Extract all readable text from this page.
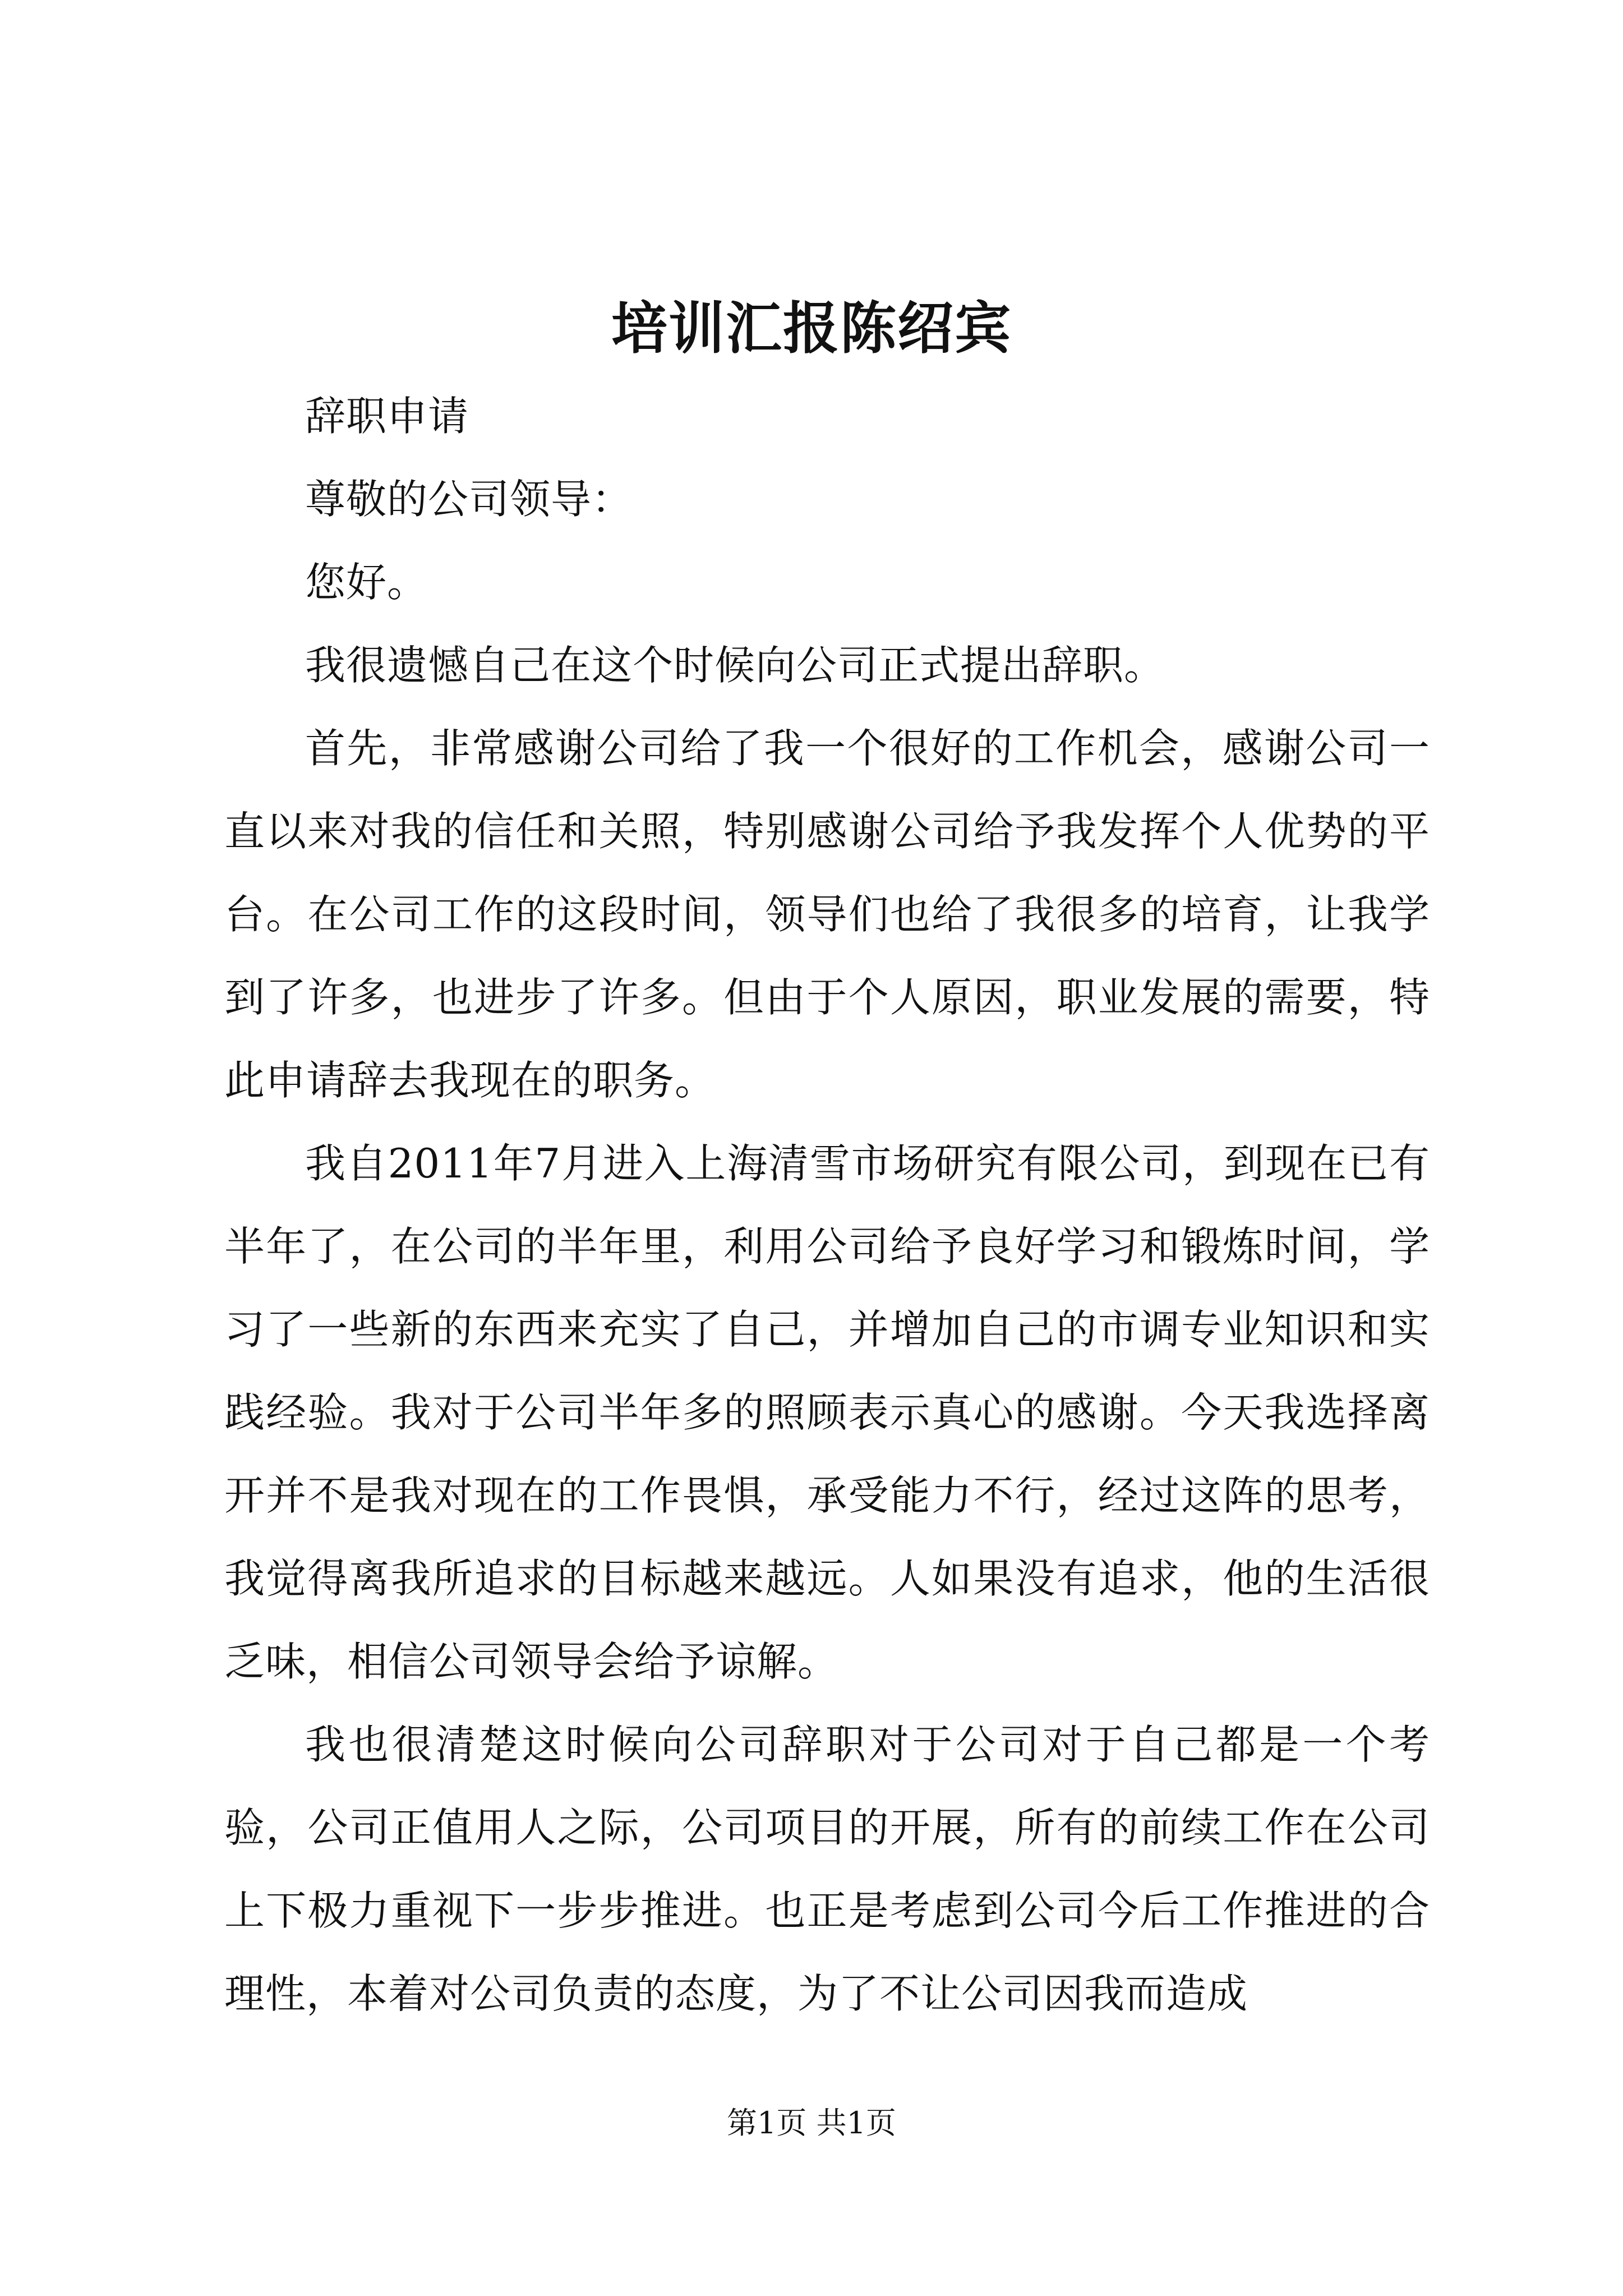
培训汇报陈绍宾

辞职申请

尊敬的公司领导：

您好。

我很遗憾自己在这个时候向公司正式提出辞职。

首先，非常感谢公司给了我一个很好的工作机会，感谢公司一直以来对我的信任和关照，特别感谢公司给予我发挥个人优势的平台。在公司工作的这段时间，领导们也给了我很多的培育，让我学到了许多，也进步了许多。但由于个人原因，职业发展的需要，特此申请辞去我现在的职务。

我自2011年7月进入上海清雪市场研究有限公司，到现在已有半年了，在公司的半年里，利用公司给予良好学习和锻炼时间，学习了一些新的东西来充实了自己，并增加自己的市调专业知识和实践经验。我对于公司半年多的照顾表示真心的感谢。今天我选择离开并不是我对现在的工作畏惧，承受能力不行，经过这阵的思考，我觉得离我所追求的目标越来越远。人如果没有追求，他的生活很乏味，相信公司领导会给予谅解。

我也很清楚这时候向公司辞职对于公司对于自己都是一个考验，公司正值用人之际，公司项目的开展，所有的前续工作在公司上下极力重视下一步步推进。也正是考虑到公司今后工作推进的合理性，本着对公司负责的态度，为了不让公司因我而造成

第1页 共1页
